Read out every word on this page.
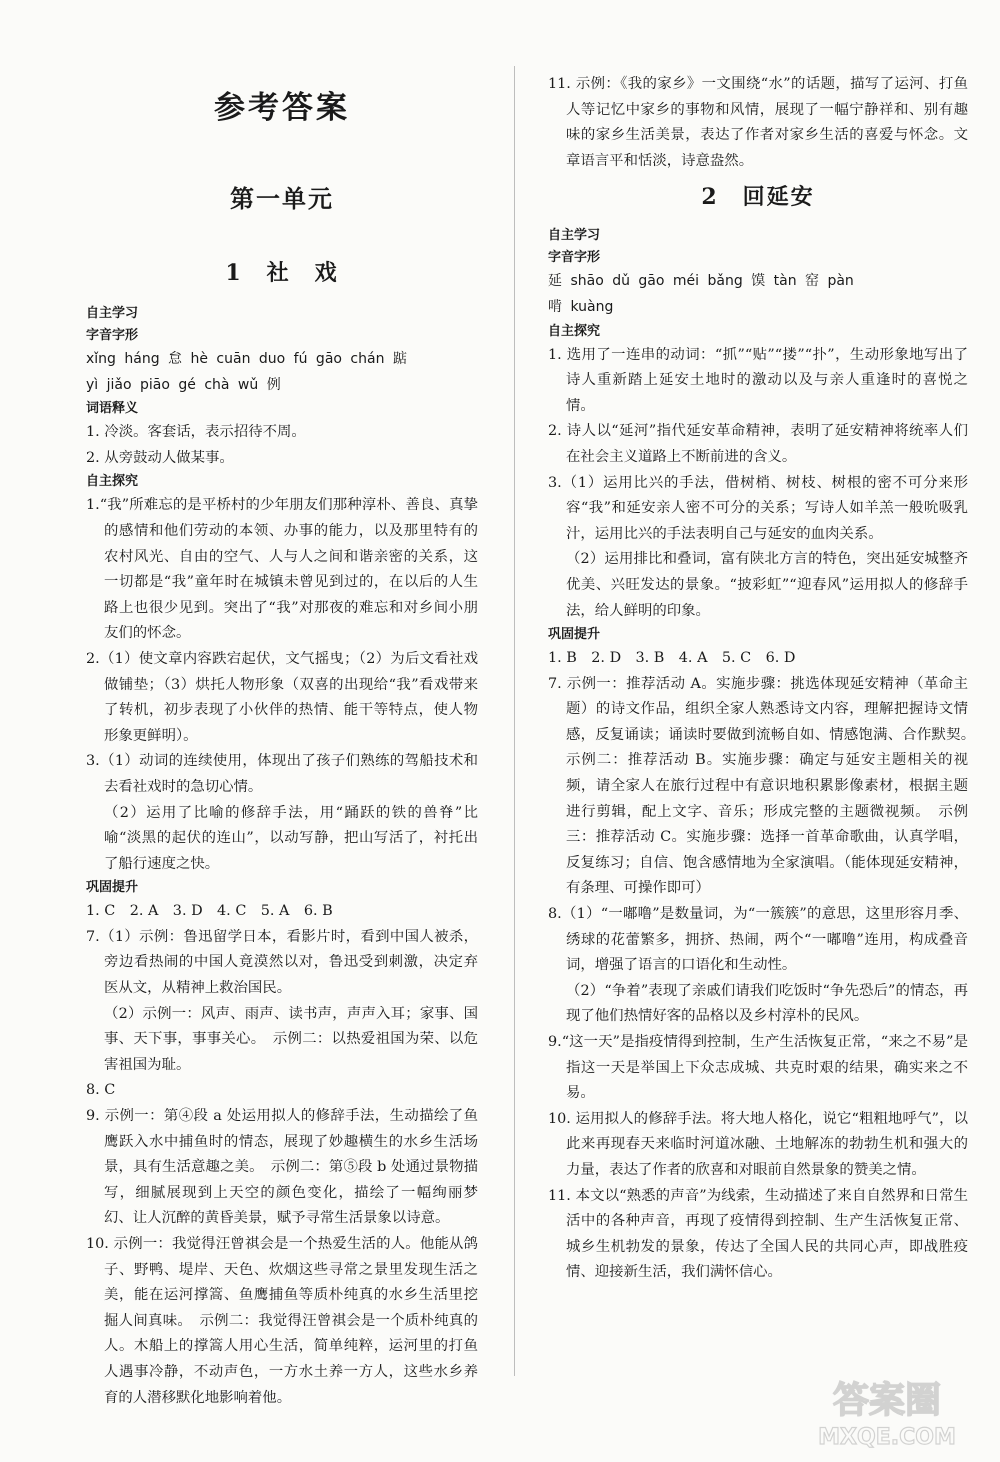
参考答案
第一单元
1　社　戏

自主学习

字音字形

xǐng háng 怠 hè cuān duo fú gāo chán 踮

yì jiǎo piāo gé chà wǔ 例

词语释义

1. 冷淡。客套话，表示招待不周。

2. 从旁鼓动人做某事。

自主探究

1.“我”所难忘的是平桥村的少年朋友们那种淳朴、善良、真挚的感情和他们劳动的本领、办事的能力，以及那里特有的农村风光、自由的空气、人与人之间和谐亲密的关系，这一切都是“我”童年时在城镇未曾见到过的，在以后的人生路上也很少见到。突出了“我”对那夜的难忘和对乡间小朋友们的怀念。

2.（1）使文章内容跌宕起伏，文气摇曳；（2）为后文看社戏做铺垫；（3）烘托人物形象（双喜的出现给“我”看戏带来了转机，初步表现了小伙伴的热情、能干等特点，使人物形象更鲜明）。

3.（1）动词的连续使用，体现出了孩子们熟练的驾船技术和去看社戏时的急切心情。

（2）运用了比喻的修辞手法，用“踊跃的铁的兽脊”比喻“淡黑的起伏的连山”，以动写静，把山写活了，衬托出了船行速度之快。

巩固提升

1. C　2. A　3. D　4. C　5. A　6. B

7.（1）示例：鲁迅留学日本，看影片时，看到中国人被杀，旁边看热闹的中国人竟漠然以对，鲁迅受到刺激，决定弃医从文，从精神上救治国民。

（2）示例一：风声、雨声、读书声，声声入耳；家事、国事、天下事，事事关心。　示例二：以热爱祖国为荣、以危害祖国为耻。

8. C

9. 示例一：第④段 a 处运用拟人的修辞手法，生动描绘了鱼鹰跃入水中捕鱼时的情态，展现了妙趣横生的水乡生活场景，具有生活意趣之美。　示例二：第⑤段 b 处通过景物描写，细腻展现到上天空的颜色变化，描绘了一幅绚丽梦幻、让人沉醉的黄昏美景，赋予寻常生活景象以诗意。

10. 示例一：我觉得汪曾祺会是一个热爱生活的人。他能从鸽子、野鸭、堤岸、天色、炊烟这些寻常之景里发现生活之美，能在运河撑篙、鱼鹰捕鱼等质朴纯真的水乡生活里挖掘人间真味。　示例二：我觉得汪曾祺会是一个质朴纯真的人。木船上的撑篙人用心生活，简单纯粹，运河里的打鱼人遇事冷静，不动声色，一方水土养一方人，这些水乡养育的人潜移默化地影响着他。

11. 示例：《我的家乡》一文围绕“水”的话题，描写了运河、打鱼人等记忆中家乡的事物和风情，展现了一幅宁静祥和、别有趣味的家乡生活美景，表达了作者对家乡生活的喜爱与怀念。文章语言平和恬淡，诗意盎然。

2　回延安

自主学习

字音字形

延 shāo dǔ gāo méi bǎng 馍 tàn 窑 pàn

啃 kuàng

自主探究

1. 选用了一连串的动词：“抓”“贴”“搂”“扑”，生动形象地写出了诗人重新踏上延安土地时的激动以及与亲人重逢时的喜悦之情。

2. 诗人以“延河”指代延安革命精神，表明了延安精神将统率人们在社会主义道路上不断前进的含义。

3.（1）运用比兴的手法，借树梢、树枝、树根的密不可分来形容“我”和延安亲人密不可分的关系；写诗人如羊羔一般吮吸乳汁，运用比兴的手法表明自己与延安的血肉关系。

（2）运用排比和叠词，富有陕北方言的特色，突出延安城整齐优美、兴旺发达的景象。“披彩虹”“迎春风”运用拟人的修辞手法，给人鲜明的印象。

巩固提升

1. B　2. D　3. B　4. A　5. C　6. D

7. 示例一：推荐活动 A。实施步骤：挑选体现延安精神（革命主题）的诗文作品，组织全家人熟悉诗文内容，理解把握诗文情感，反复诵读；诵读时要做到流畅自如、情感饱满、合作默契。　示例二：推荐活动 B。实施步骤：确定与延安主题相关的视频，请全家人在旅行过程中有意识地积累影像素材，根据主题进行剪辑，配上文字、音乐；形成完整的主题微视频。　示例三：推荐活动 C。实施步骤：选择一首革命歌曲，认真学唱，反复练习；自信、饱含感情地为全家演唱。（能体现延安精神，有条理、可操作即可）

8.（1）“一嘟噜”是数量词，为“一簇簇”的意思，这里形容月季、绣球的花蕾繁多，拥挤、热闹，两个“一嘟噜”连用，构成叠音词，增强了语言的口语化和生动性。

（2）“争着”表现了亲戚们请我们吃饭时“争先恐后”的情态，再现了他们热情好客的品格以及乡村淳朴的民风。

9.“这一天”是指疫情得到控制，生产生活恢复正常，“来之不易”是指这一天是举国上下众志成城、共克时艰的结果，确实来之不易。

10. 运用拟人的修辞手法。将大地人格化，说它“粗粗地呼气”，以此来再现春天来临时河道冰融、土地解冻的勃勃生机和强大的力量，表达了作者的欣喜和对眼前自然景象的赞美之情。

11. 本文以“熟悉的声音”为线索，生动描述了来自自然界和日常生活中的各种声音，再现了疫情得到控制、生产生活恢复正常、城乡生机勃发的景象，传达了全国人民的共同心声，即战胜疫情、迎接新生活，我们满怀信心。

答案圈
MXQE.COM
